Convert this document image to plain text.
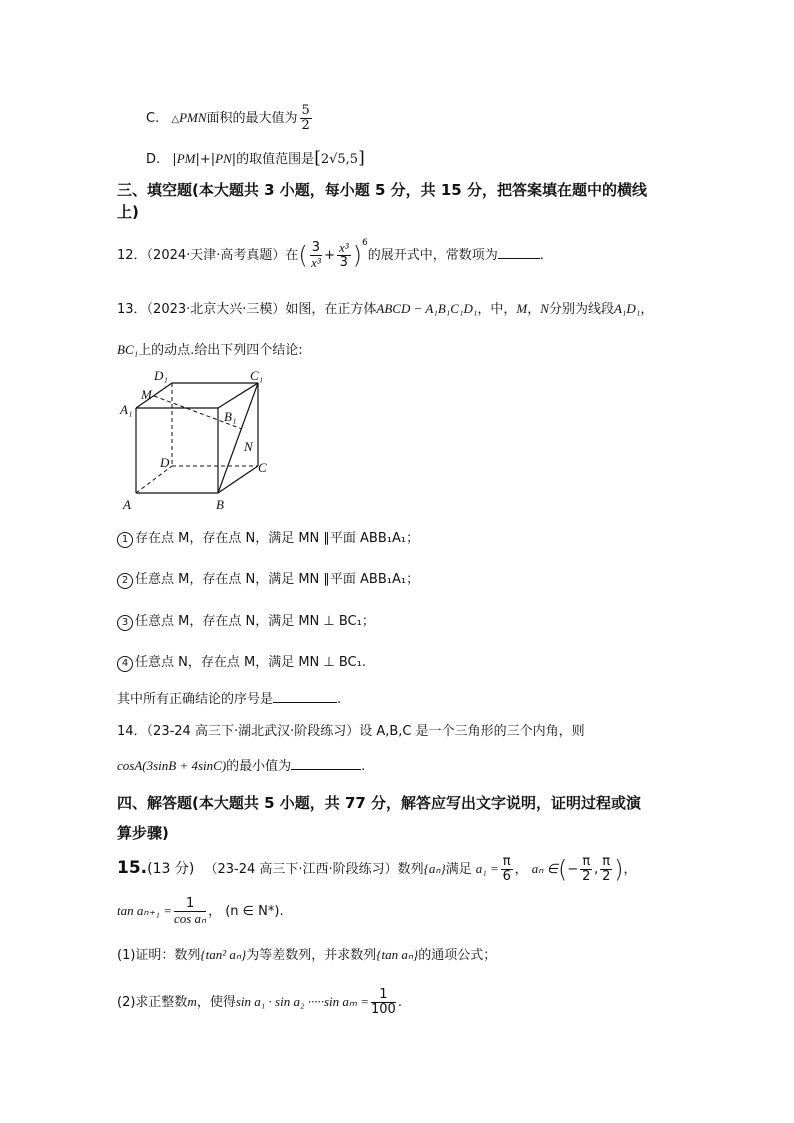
C. △PMN面积的最大值为 $\frac{5}{2}$
D. |PM|+|PN|的取值范围是[2√5,5]
三、填空题(本大题共 3 小题，每小题 5 分，共 15 分，把答案填在题中的横线
上)
12．（2024·天津·高考真题）在( $\frac{3}{\text{x³}} + \frac{\text{x³}}{3} )^6$的展开式中，常数项为	.
13．（2023·北京大兴·三模）如图，在正方体ABCD − A₁B₁C₁D₁，中，M，N分别为线段A₁D₁，
BC₁上的动点.给出下列四个结论:
D₁	C₁
M
A₁	B₁
N
D	C
A	B
1 存在点 M，存在点 N，满足 MN ∥平面 ABB₁A₁；
2 任意点 M，存在点 N，满足 MN ∥平面 ABB₁A₁；
3 任意点 M，存在点 N，满足 MN ⊥ BC₁；
4 任意点 N，存在点 M，满足 MN ⊥ BC₁.
其中所有正确结论的序号是	.
14．（23-24 高三下·湖北武汉·阶段练习）设 A,B,C 是一个三角形的三个内角，则
cosA(3sinB + 4sinC)的最小值为	.
四、解答题(本大题共 5 小题，共 77 分，解答应写出文字说明，证明过程或演
算步骤)
15.(13 分) （23-24 高三下·江西·阶段练习）数列{aₙ}满足 $a_1 = \frac{\pi}{6}$ ， aₙ ∈(− $\frac{\pi}{2}$ , $\frac{\pi}{2}$ )，
$\tan a_{n+1} = \frac{1}{\text{cos aₙ}}$ ， (n ∈ N*).
(1)证明：数列{tan² aₙ}为等差数列，并求数列{tan aₙ}的通项公式；
(2)求正整数m，使得sin a₁ · sin a₂ ·····sin $a_m = \frac{1}{100}$ .
